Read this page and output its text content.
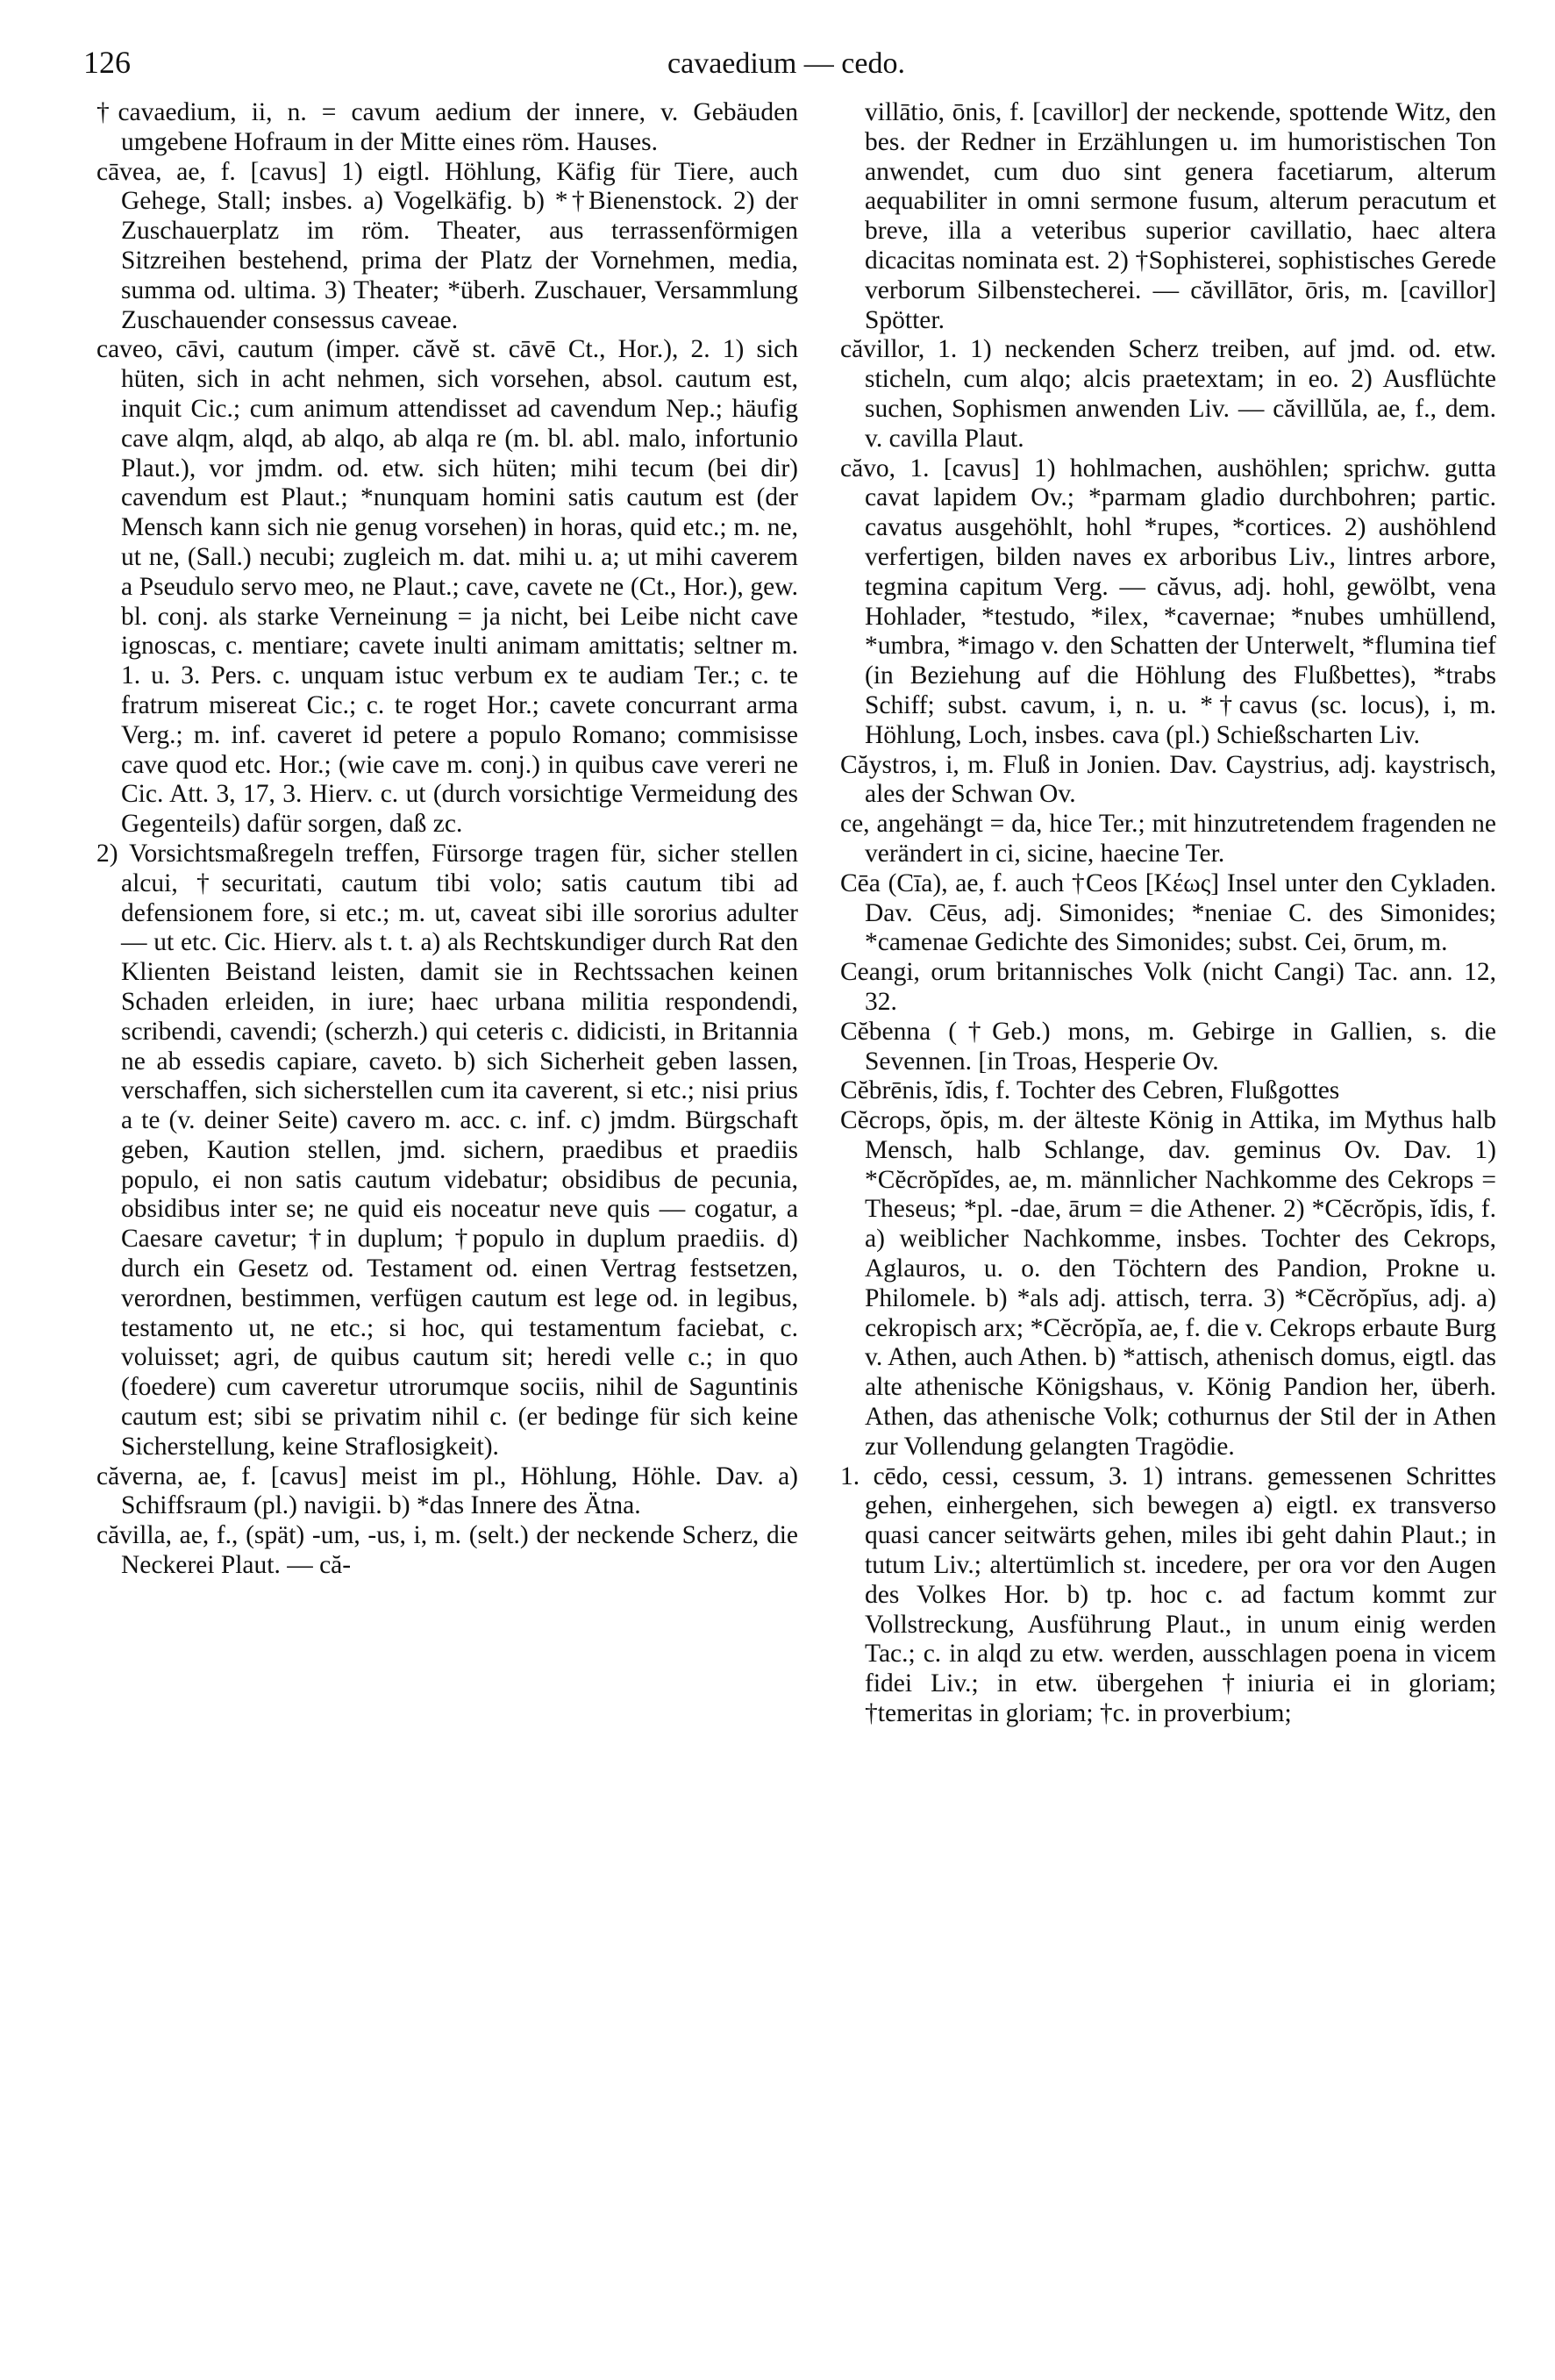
126	cavaedium — cedo.

†cavaedium, ii, n. = cavum aedium der innere, v. Gebäuden umgebene Hofraum in der Mitte eines röm. Hauses.

cāvea, ae, f. [cavus] 1) eigtl. Höhlung, Käfig für Tiere, auch Gehege, Stall; insbes. a) Vogelkäfig. b) *†Bienenstock. 2) der Zuschauerplatz im röm. Theater, aus terrassenförmigen Sitzreihen bestehend, prima der Platz der Vornehmen, media, summa od. ultima. 3) Theater; *überh. Zuschauer, Versammlung Zuschauender consessus caveae.

caveo, cāvi, cautum (imper. căvĕ st. cāvē Ct., Hor.), 2. 1) sich hüten, sich in acht nehmen, sich vorsehen, absol. cautum est, inquit Cic.; cum animum attendisset ad cavendum Nep.; häufig cave alqm, alqd, ab alqo, ab alqa re (m. bl. abl. malo, infortunio Plaut.), vor jmdm. od. etw. sich hüten; mihi tecum (bei dir) cavendum est Plaut.; *nunquam homini satis cautum est (der Mensch kann sich nie genug vorsehen) in horas, quid etc.; m. ne, ut ne, (Sall.) necubi; zugleich m. dat. mihi u. a; ut mihi caverem a Pseudulo servo meo, ne Plaut.; cave, cavete ne (Ct., Hor.), gew. bl. conj. als starke Verneinung = ja nicht, bei Leibe nicht cave ignoscas, c. mentiare; cavete inulti animam amittatis; seltner m. 1. u. 3. Pers. c. unquam istuc verbum ex te audiam Ter.; c. te fratrum misereat Cic.; c. te roget Hor.; cavete concurrant arma Verg.; m. inf. caveret id petere a populo Romano; commisisse cave quod etc. Hor.; (wie cave m. conj.) in quibus cave vereri ne Cic. Att. 3, 17, 3. Hierv. c. ut (durch vorsichtige Vermeidung des Gegenteils) dafür sorgen, daß zc.

2) Vorsichtsmaßregeln treffen, Fürsorge tragen für, sicher stellen alcui, †securitati, cautum tibi volo; satis cautum tibi ad defensionem fore, si etc.; m. ut, caveat sibi ille sororius adulter — ut etc. Cic. Hierv. als t. t. a) als Rechtskundiger durch Rat den Klienten Beistand leisten, damit sie in Rechtssachen keinen Schaden erleiden, in iure; haec urbana militia respondendi, scribendi, cavendi; (scherzh.) qui ceteris c. didicisti, in Britannia ne ab essedis capiare, caveto. b) sich Sicherheit geben lassen, verschaffen, sich sicherstellen cum ita caverent, si etc.; nisi prius a te (v. deiner Seite) cavero m. acc. c. inf. c) jmdm. Bürgschaft geben, Kaution stellen, jmd. sichern, praedibus et praediis populo, ei non satis cautum videbatur; obsidibus de pecunia, obsidibus inter se; ne quid eis noceatur neve quis — cogatur, a Caesare cavetur; †in duplum; †populo in duplum praediis. d) durch ein Gesetz od. Testament od. einen Vertrag festsetzen, verordnen, bestimmen, verfügen cautum est lege od. in legibus, testamento ut, ne etc.; si hoc, qui testamentum faciebat, c. voluisset; agri, de quibus cautum sit; heredi velle c.; in quo (foedere) cum caveretur utrorumque sociis, nihil de Saguntinis cautum est; sibi se privatim nihil c. (er bedinge für sich keine Sicherstellung, keine Straflosigkeit).

căverna, ae, f. [cavus] meist im pl., Höhlung, Höhle. Dav. a) Schiffsraum (pl.) navigii. b) *das Innere des Ätna.

căvilla, ae, f., (spät) -um, -us, i, m. (selt.) der neckende Scherz, die Neckerei Plaut. — că-

villātio, ōnis, f. [cavillor] der neckende, spottende Witz, den bes. der Redner in Erzählungen u. im humoristischen Ton anwendet, cum duo sint genera facetiarum, alterum aequabiliter in omni sermone fusum, alterum peracutum et breve, illa a veteribus superior cavillatio, haec altera dicacitas nominata est. 2) †Sophisterei, sophistisches Gerede verborum Silbenstecherei. — căvillātor, ōris, m. [cavillor] Spötter.

căvillor, 1. 1) neckenden Scherz treiben, auf jmd. od. etw. sticheln, cum alqo; alcis praetextam; in eo. 2) Ausflüchte suchen, Sophismen anwenden Liv. — căvillŭla, ae, f., dem. v. cavilla Plaut.

căvo, 1. [cavus] 1) hohlmachen, aushöhlen; sprichw. gutta cavat lapidem Ov.; *parmam gladio durchbohren; partic. cavatus ausgehöhlt, hohl *rupes, *cortices. 2) aushöhlend verfertigen, bilden naves ex arboribus Liv., lintres arbore, tegmina capitum Verg. — căvus, adj. hohl, gewölbt, vena Hohlader, *testudo, *ilex, *cavernae; *nubes umhüllend, *umbra, *imago v. den Schatten der Unterwelt, *flumina tief (in Beziehung auf die Höhlung des Flußbettes), *trabs Schiff; subst. cavum, i, n. u. *†cavus (sc. locus), i, m. Höhlung, Loch, insbes. cava (pl.) Schießscharten Liv.

Căystros, i, m. Fluß in Jonien. Dav. Caystrius, adj. kaystrisch, ales der Schwan Ov.

ce, angehängt = da, hice Ter.; mit hinzutretendem fragenden ne verändert in ci, sicine, haecine Ter.

Cēa (Cīa), ae, f. auch †Ceos [Κέως] Insel unter den Cykladen. Dav. Cēus, adj. Simonides; *neniae C. des Simonides; *camenae Gedichte des Simonides; subst. Cei, ōrum, m.

Ceangi, orum britannisches Volk (nicht Cangi) Tac. ann. 12, 32.

Cĕbenna (†Geb.) mons, m. Gebirge in Gallien, s. die Sevennen. [in Troas, Hesperie Ov.

Cĕbrēnis, ĭdis, f. Tochter des Cebren, Flußgottes

Cĕcrops, ŏpis, m. der älteste König in Attika, im Mythus halb Mensch, halb Schlange, dav. geminus Ov. Dav. 1) *Cĕcrŏpĭdes, ae, m. männlicher Nachkomme des Cekrops = Theseus; *pl. -dae, ārum = die Athener. 2) *Cĕcrŏpis, ĭdis, f. a) weiblicher Nachkomme, insbes. Tochter des Cekrops, Aglauros, u. o. den Töchtern des Pandion, Prokne u. Philomele. b) *als adj. attisch, terra. 3) *Cĕcrŏpĭus, adj. a) cekropisch arx; *Cĕcrŏpĭa, ae, f. die v. Cekrops erbaute Burg v. Athen, auch Athen. b) *attisch, athenisch domus, eigtl. das alte athenische Königshaus, v. König Pandion her, überh. Athen, das athenische Volk; cothurnus der Stil der in Athen zur Vollendung gelangten Tragödie.

1. cēdo, cessi, cessum, 3. 1) intrans. gemessenen Schrittes gehen, einhergehen, sich bewegen a) eigtl. ex transverso quasi cancer seitwärts gehen, miles ibi geht dahin Plaut.; in tutum Liv.; altertümlich st. incedere, per ora vor den Augen des Volkes Hor. b) tp. hoc c. ad factum kommt zur Vollstreckung, Ausführung Plaut., in unum einig werden Tac.; c. in alqd zu etw. werden, ausschlagen poena in vicem fidei Liv.; in etw. übergehen †iniuria ei in gloriam; †temeritas in gloriam; †c. in proverbium;
